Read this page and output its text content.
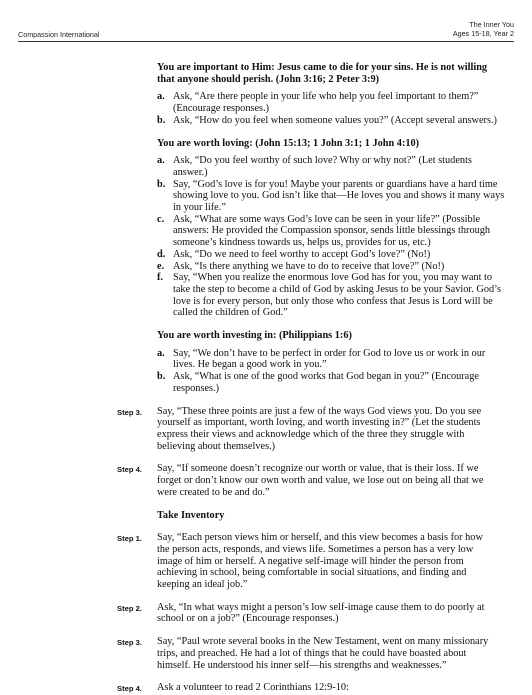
The Inner You
Ages 15-18, Year 2
Compassion International
You are important to Him: Jesus came to die for your sins. He is not willing that anyone should perish. (John 3:16; 2 Peter 3:9)
a. Ask, “Are there people in your life who help you feel important to them?” (Encourage responses.)
b. Ask, “How do you feel when someone values you?” (Accept several answers.)
You are worth loving: (John 15:13; 1 John 3:1; 1 John 4:10)
a. Ask, “Do you feel worthy of such love? Why or why not?” (Let students answer.)
b. Say, “God’s love is for you! Maybe your parents or guardians have a hard time showing love to you. God isn’t like that—He loves you and shows it many ways in your life.”
c. Ask, “What are some ways God’s love can be seen in your life?” (Possible answers: He provided the Compassion sponsor, sends little blessings through someone’s kindness towards us, helps us, provides for us, etc.)
d. Ask, “Do we need to feel worthy to accept God’s love?” (No!)
e. Ask, “Is there anything we have to do to receive that love?” (No!)
f. Say, “When you realize the enormous love God has for you, you may want to take the step to become a child of God by asking Jesus to be your Savior. God’s love is for every person, but only those who confess that Jesus is Lord will be called the children of God.”
You are worth investing in: (Philippians 1:6)
a. Say, “We don’t have to be perfect in order for God to love us or work in our lives. He began a good work in you.”
b. Ask, “What is one of the good works that God began in you?” (Encourage responses.)
Step 3.	Say, “These three points are just a few of the ways God views you. Do you see yourself as important, worth loving, and worth investing in?” (Let the students express their views and acknowledge which of the three they struggle with believing about themselves.)
Step 4.	Say, “If someone doesn’t recognize our worth or value, that is their loss. If we forget or don’t know our own worth and value, we lose out on being all that we were created to be and do.”
Take Inventory
Step 1.	Say, “Each person views him or herself, and this view becomes a basis for how the person acts, responds, and views life. Sometimes a person has a very low image of him or herself. A negative self-image will hinder the person from achieving in school, being comfortable in social situations, and finding and keeping an ideal job.”
Step 2.	Ask, “In what ways might a person’s low self-image cause them to do poorly at school or on a job?” (Encourage responses.)
Step 3.	Say, “Paul wrote several books in the New Testament, went on many missionary trips, and preached. He had a lot of things that he could have boasted about himself. He understood his inner self—his strengths and weaknesses.”
Step 4.	Ask a volunteer to read 2 Corinthians 12:9-10:
